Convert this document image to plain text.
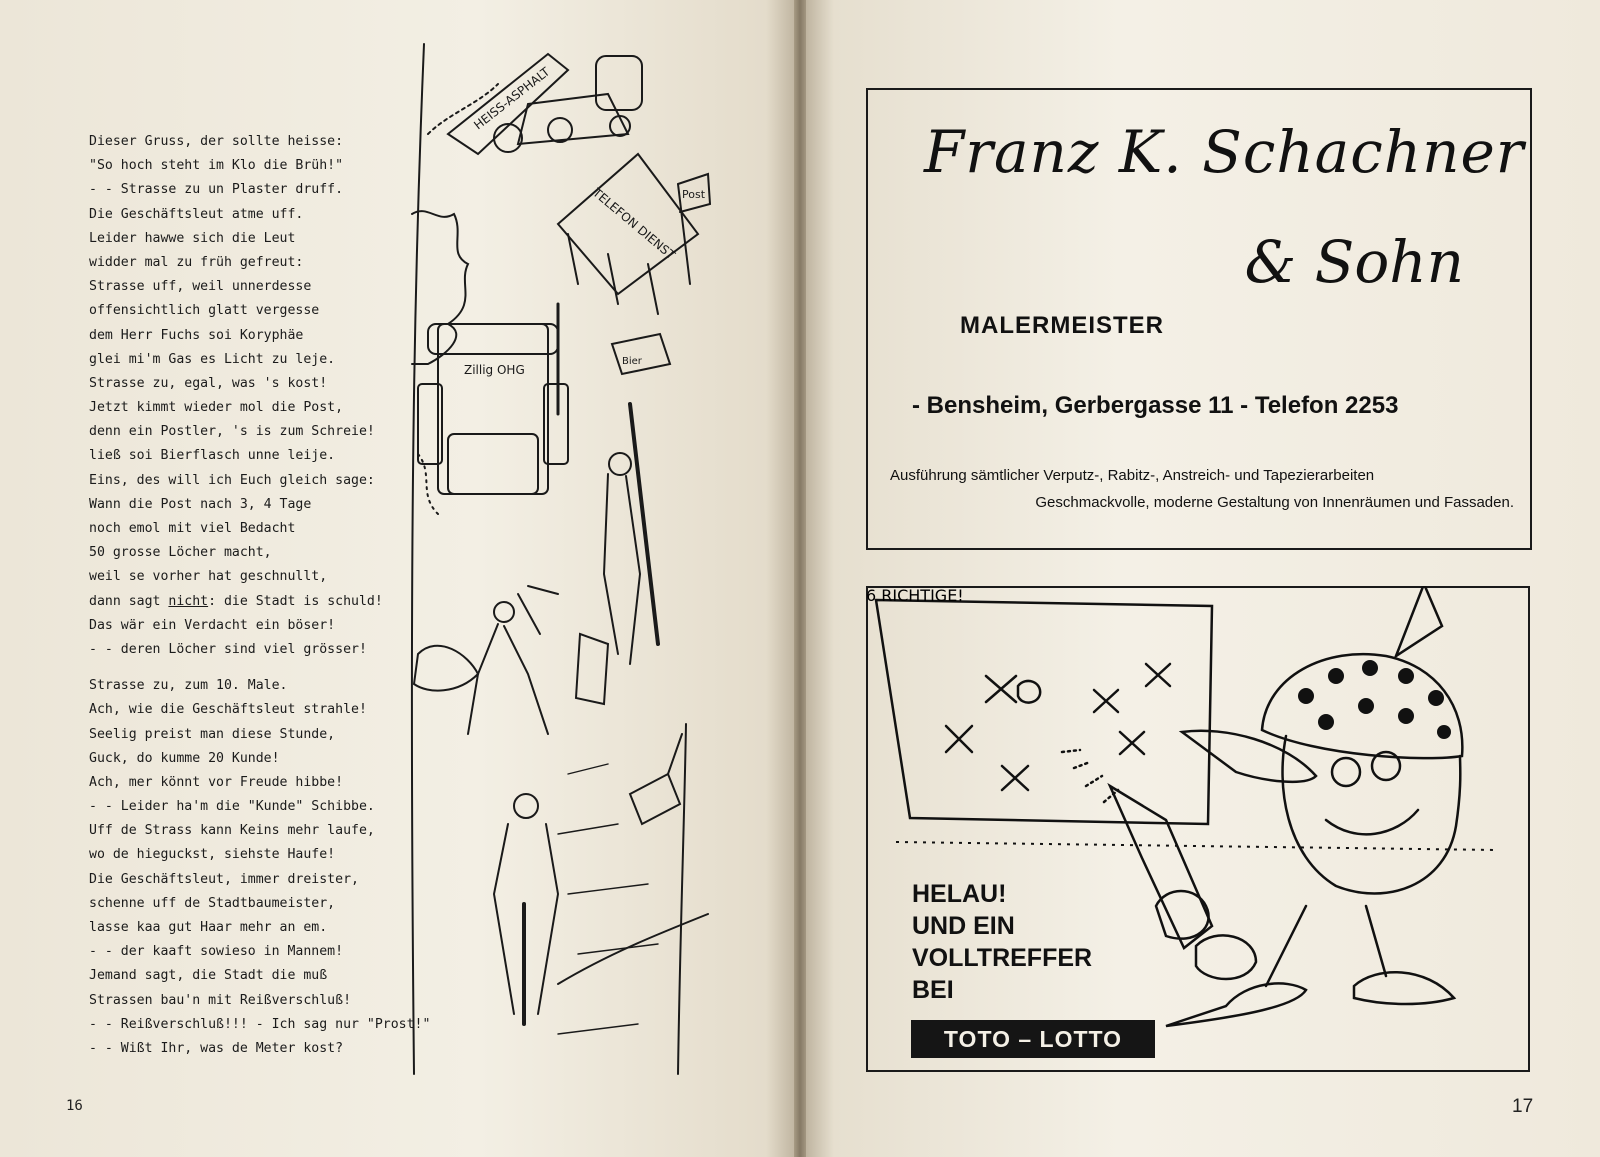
Dieser Gruss, der sollte heisse:
"So hoch steht im Klo die Brüh!"
- - Strasse zu un Plaster druff.
Die Geschäftsleut atme uff.
Leider hawwe sich die Leut
widder mal zu früh gefreut:
Strasse uff, weil unnerdesse
offensichtlich glatt vergesse
dem Herr Fuchs soi Koryphäe
glei mi'm Gas es Licht zu leje.
Strasse zu, egal, was 's kost!
Jetzt kimmt wieder mol die Post,
denn ein Postler, 's is zum Schreie!
ließ soi Bierflasch unne leije.
Eins, des will ich Euch gleich sage:
Wann die Post nach 3, 4 Tage
noch emol mit viel Bedacht
50 grosse Löcher macht,
weil se vorher hat geschnullt,
dann sagt nicht: die Stadt is schuld!
Das wär ein Verdacht ein böser!
- - deren Löcher sind viel grösser!
Strasse zu, zum 10. Male.
Ach, wie die Geschäftsleut strahle!
Seelig preist man diese Stunde,
Guck, do kumme 20 Kunde!
Ach, mer könnt vor Freude hibbe!
- - Leider ha'm die "Kunde" Schibbe.
Uff de Strass kann Keins mehr laufe,
wo de hieguckst, siehste Haufe!
Die Geschäftsleut, immer dreister,
schenne uff de Stadtbaumeister,
lasse kaa gut Haar mehr an em.
- - der kaaft sowieso in Mannem!
Jemand sagt, die Stadt die muß
Strassen bau'n mit Reißverschluß!
- - Reißverschluß!!! - Ich sag nur "Prost!"
- - Wißt Ihr, was de Meter kost?
HEISS-ASPHALT
TELEFON DIENST Post
Zillig OHG
Bier
16
Franz K. Schachner
& Sohn
MALERMEISTER
- Bensheim, Gerbergasse 11 - Telefon 2253
Ausführung sämtlicher Verputz-, Rabitz-, Anstreich- und Tapezierarbeiten
Geschmackvolle, moderne Gestaltung von Innenräumen und Fassaden.
6 RICHTIGE!
HELAU!
UND EIN
VOLLTREFFER
BEI
TOTO – LOTTO
17
